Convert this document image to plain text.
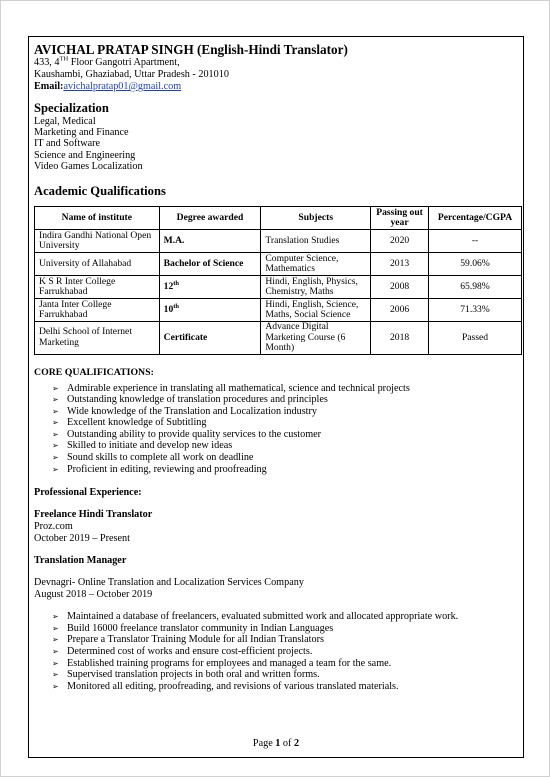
AVICHAL PRATAP SINGH (English-Hindi Translator)
433, 4TH Floor Gangotri Apartment,
Kaushambi, Ghaziabad, Uttar Pradesh - 201010
Email:avichalpratap01@gmail.com
Specialization
Legal, Medical
Marketing and Finance
IT and Software
Science and Engineering
Video Games Localization
Academic Qualifications
Name of institute	Degree awarded	Subjects	Passing out year	Percentage/CGPA
Indira Gandhi National Open University	M.A.	Translation Studies	2020	--
University of Allahabad	Bachelor of Science	Computer Science, Mathematics	2013	59.06%
K S R Inter College Farrukhabad	12th	Hindi, English, Physics, Chemistry, Maths	2008	65.98%
Janta Inter College Farrukhabad	10th	Hindi, English, Science, Maths, Social Science	2006	71.33%
Delhi School of Internet Marketing	Certificate	Advance Digital Marketing Course (6 Month)	2018	Passed
CORE QUALIFICATIONS:
➢ Admirable experience in translating all mathematical, science and technical projects
➢ Outstanding knowledge of translation procedures and principles
➢ Wide knowledge of the Translation and Localization industry
➢ Excellent knowledge of Subtitling
➢ Outstanding ability to provide quality services to the customer
➢ Skilled to initiate and develop new ideas
➢ Sound skills to complete all work on deadline
➢ Proficient in editing, reviewing and proofreading
Professional Experience:
Freelance Hindi Translator
Proz.com
October 2019 – Present
Translation Manager
Devnagri- Online Translation and Localization Services Company
August 2018 – October 2019
➢ Maintained a database of freelancers, evaluated submitted work and allocated appropriate work.
➢ Build 16000 freelance translator community in Indian Languages
➢ Prepare a Translator Training Module for all Indian Translators
➢ Determined cost of works and ensure cost-efficient projects.
➢ Established training programs for employees and managed a team for the same.
➢ Supervised translation projects in both oral and written forms.
➢ Monitored all editing, proofreading, and revisions of various translated materials.
Page 1 of 2
